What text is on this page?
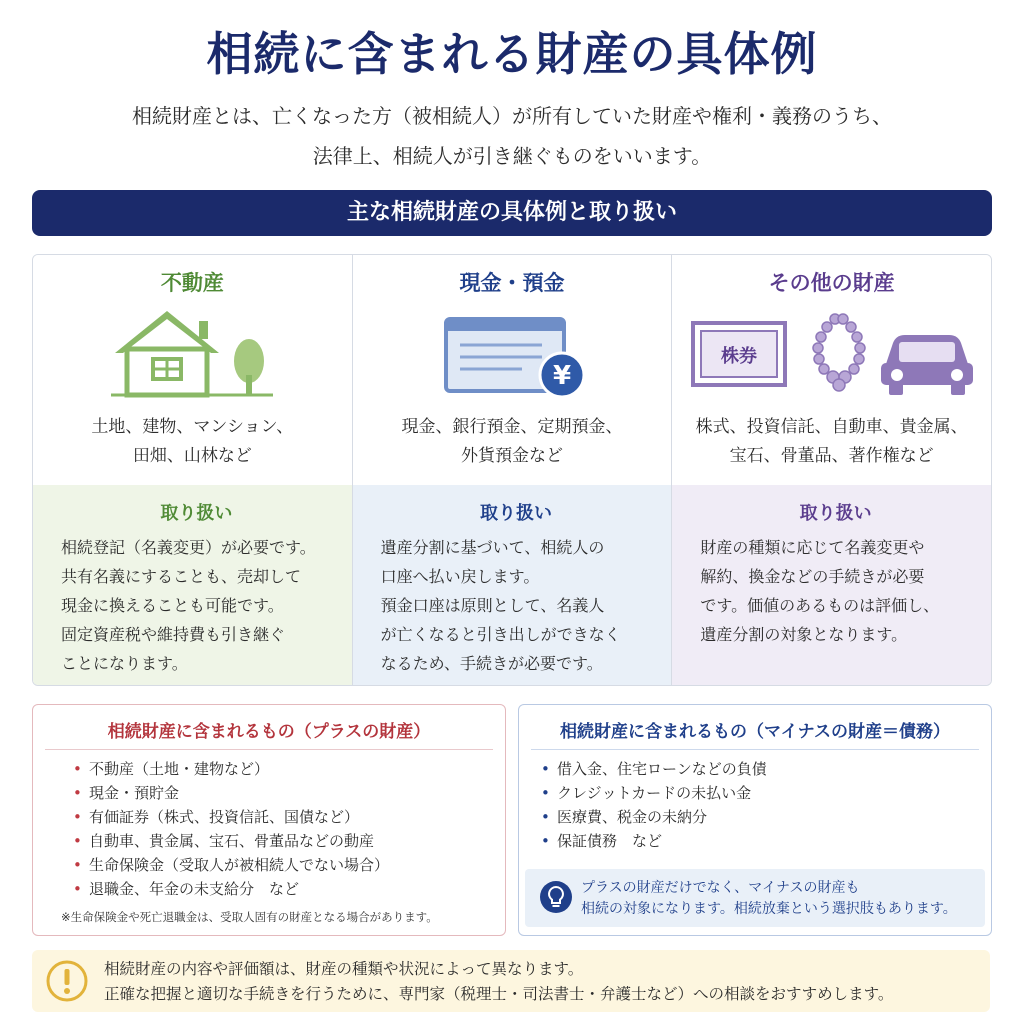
相続に含まれる財産の具体例
相続財産とは、亡くなった方（被相続人）が所有していた財産や権利・義務のうち、
法律上、相続人が引き継ぐものをいいます。
主な相続財産の具体例と取り扱い
不動産
土地、建物、マンション、
田畑、山林など
取り扱い
相続登記（名義変更）が必要です。
共有名義にすることも、売却して
現金に換えることも可能です。
固定資産税や維持費も引き継ぐ
ことになります。
現金・預金
¥
現金、銀行預金、定期預金、
外貨預金など
取り扱い
遺産分割に基づいて、相続人の
口座へ払い戻します。
預金口座は原則として、名義人
が亡くなると引き出しができなく
なるため、手続きが必要です。
その他の財産
株券
株式、投資信託、自動車、貴金属、
宝石、骨董品、著作権など
取り扱い
財産の種類に応じて名義変更や
解約、換金などの手続きが必要
です。価値のあるものは評価し、
遺産分割の対象となります。
相続財産に含まれるもの（プラスの財産）
• 不動産（土地・建物など）
• 現金・預貯金
• 有価証券（株式、投資信託、国債など）
• 自動車、貴金属、宝石、骨董品などの動産
• 生命保険金（受取人が被相続人でない場合）
• 退職金、年金の未支給分　など
※生命保険金や死亡退職金は、受取人固有の財産となる場合があります。
相続財産に含まれるもの（マイナスの財産＝債務）
• 借入金、住宅ローンなどの負債
• クレジットカードの未払い金
• 医療費、税金の未納分
• 保証債務　など
プラスの財産だけでなく、マイナスの財産も
相続の対象になります。相続放棄という選択肢もあります。
相続財産の内容や評価額は、財産の種類や状況によって異なります。
正確な把握と適切な手続きを行うために、専門家（税理士・司法書士・弁護士など）への相談をおすすめします。
